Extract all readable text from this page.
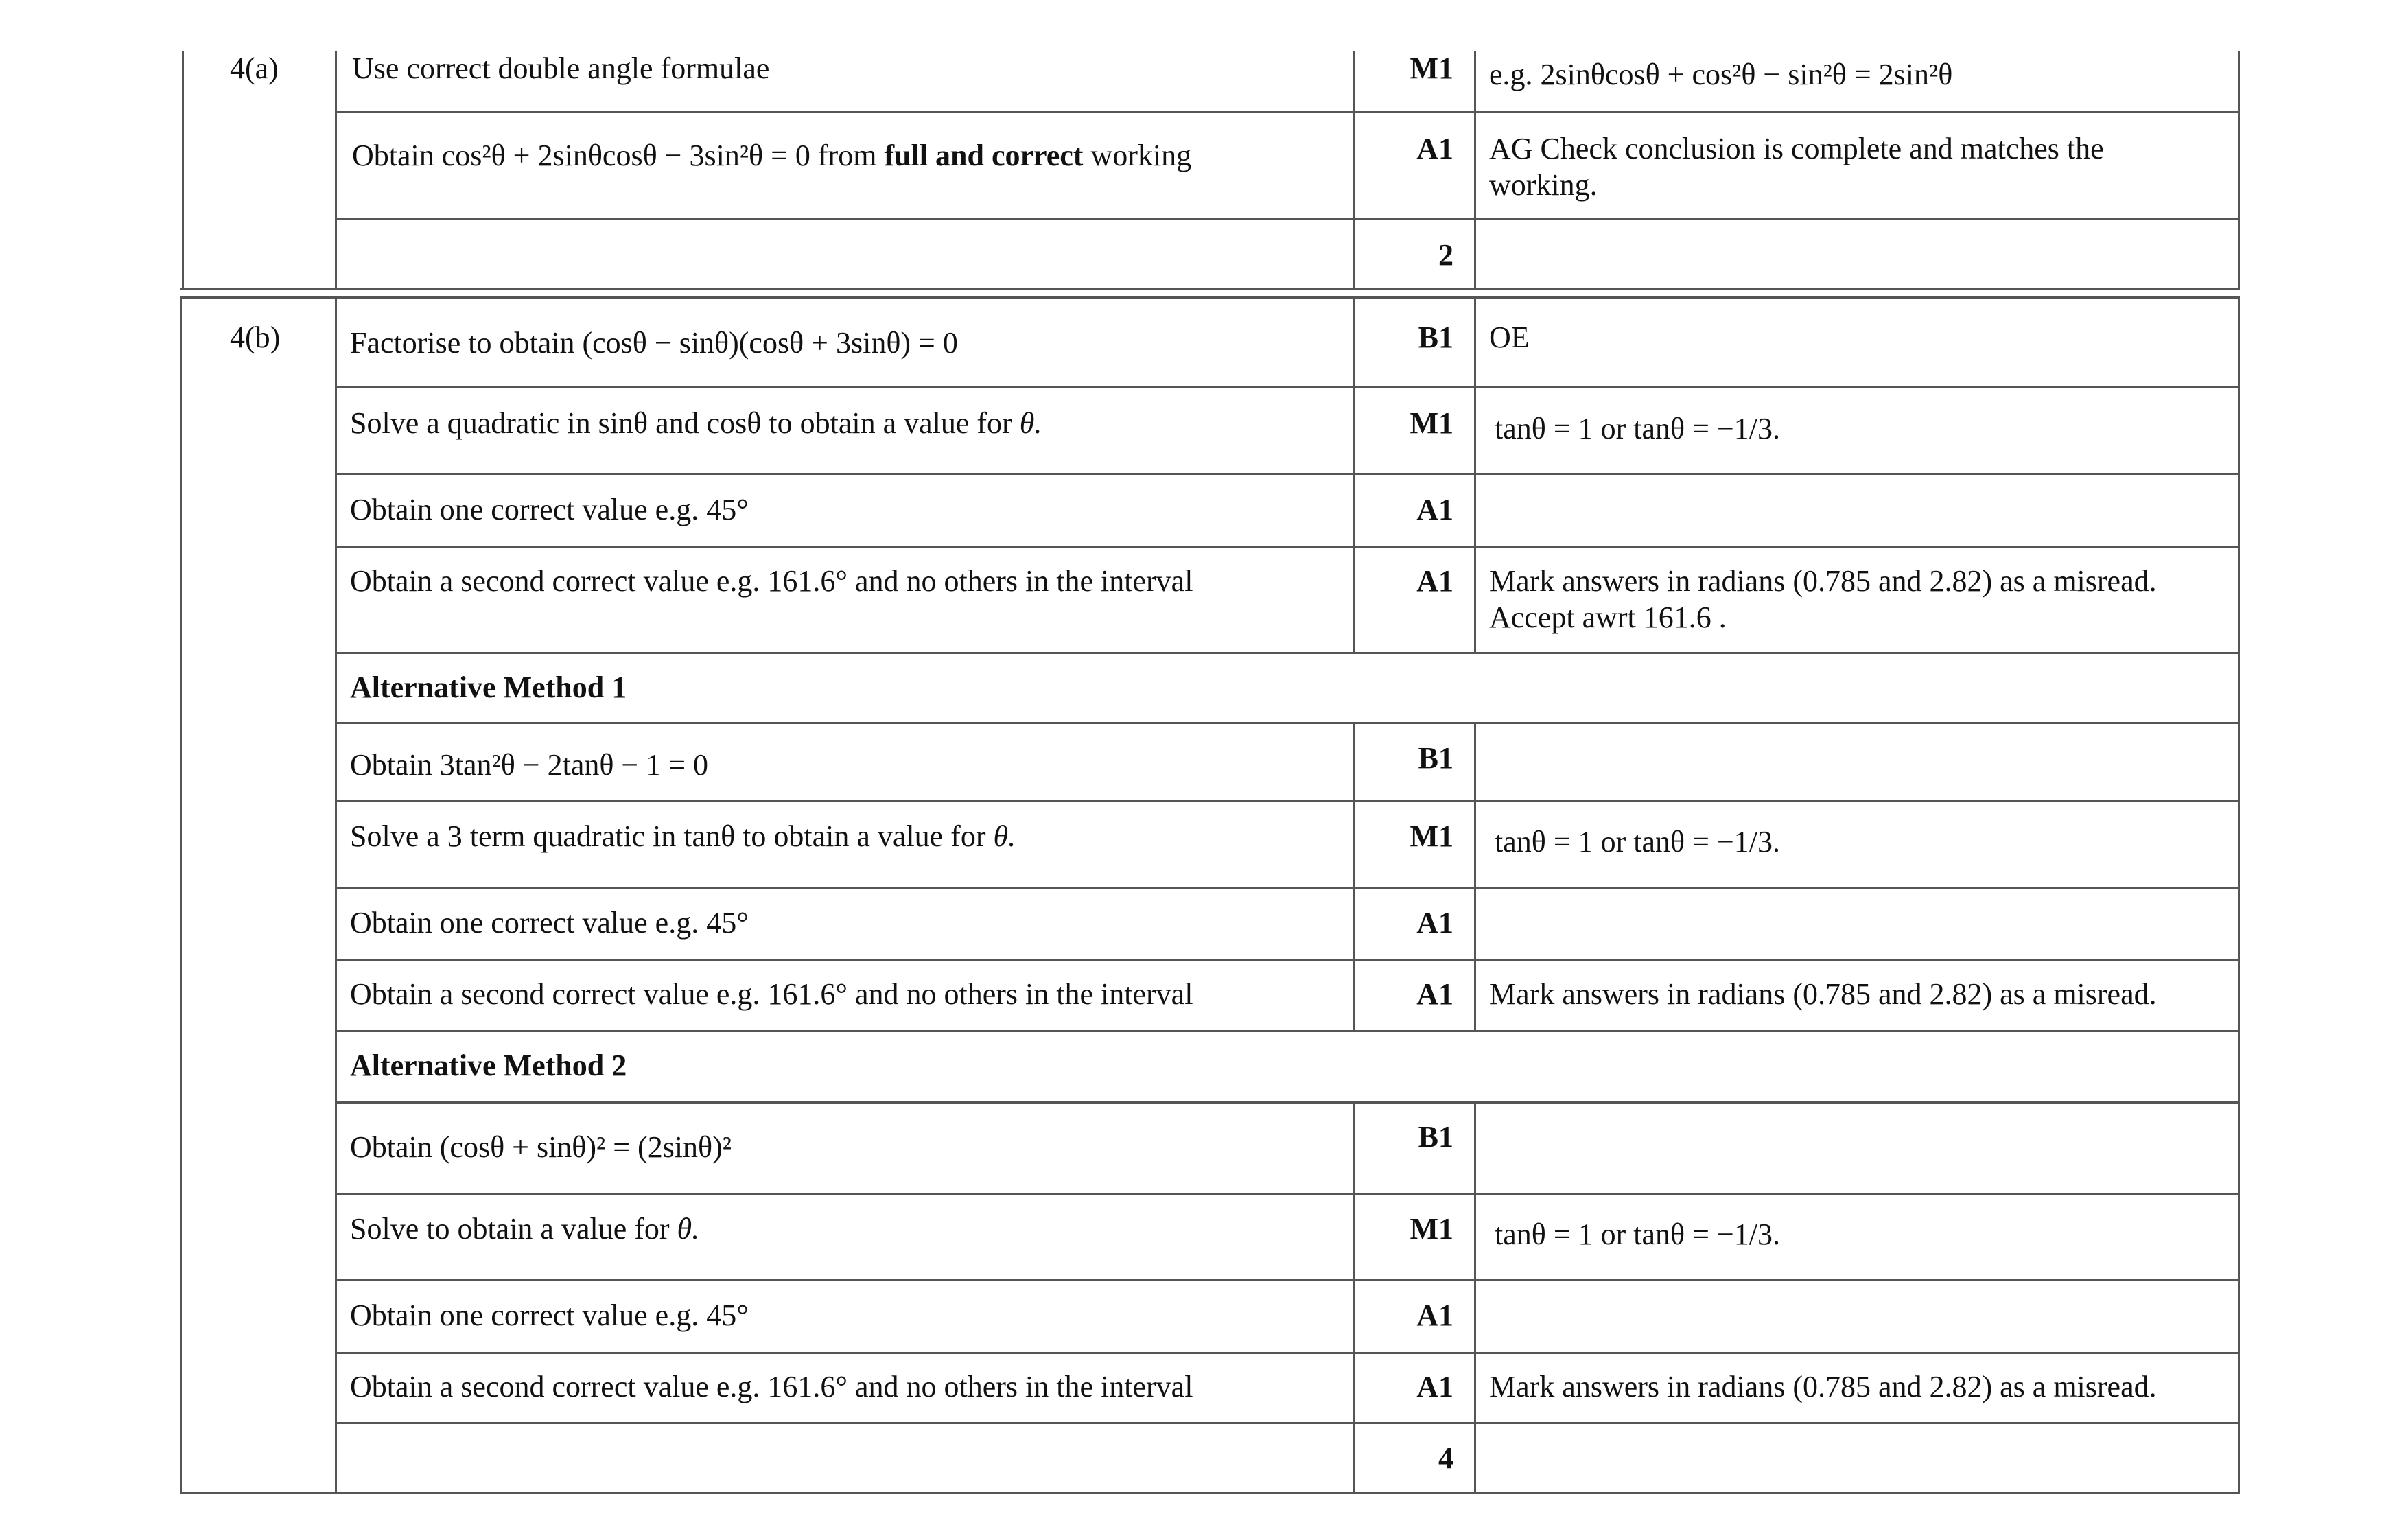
4(a) Use correct double angle formulae	M1 e.g. 2sinθcosθ + cos²θ − sin²θ = 2sin²θ
Obtain cos²θ + 2sinθcosθ − 3sin²θ = 0 from full and correct working	A1 AG Check conclusion is complete and matches the
working.
2
4(b) Factorise to obtain (cosθ − sinθ)(cosθ + 3sinθ) = 0	B1 OE
Solve a quadratic in sinθ and cosθ to obtain a value for θ.	M1 tanθ = 1 or tanθ = −1/3.
Obtain one correct value e.g. 45°	A1
Obtain a second correct value e.g. 161.6° and no others in the interval	A1 Mark answers in radians (0.785 and 2.82) as a misread.
Accept awrt 161.6 .
Alternative Method 1
Obtain 3tan²θ − 2tanθ − 1 = 0	B1
Solve a 3 term quadratic in tanθ to obtain a value for θ.	M1 tanθ = 1 or tanθ = −1/3.
Obtain one correct value e.g. 45°	A1
Obtain a second correct value e.g. 161.6° and no others in the interval	A1 Mark answers in radians (0.785 and 2.82) as a misread.
Alternative Method 2
Obtain (cosθ + sinθ)² = (2sinθ)²	B1
Solve to obtain a value for θ.	M1 tanθ = 1 or tanθ = −1/3.
Obtain one correct value e.g. 45°	A1
Obtain a second correct value e.g. 161.6° and no others in the interval	A1 Mark answers in radians (0.785 and 2.82) as a misread.
4
